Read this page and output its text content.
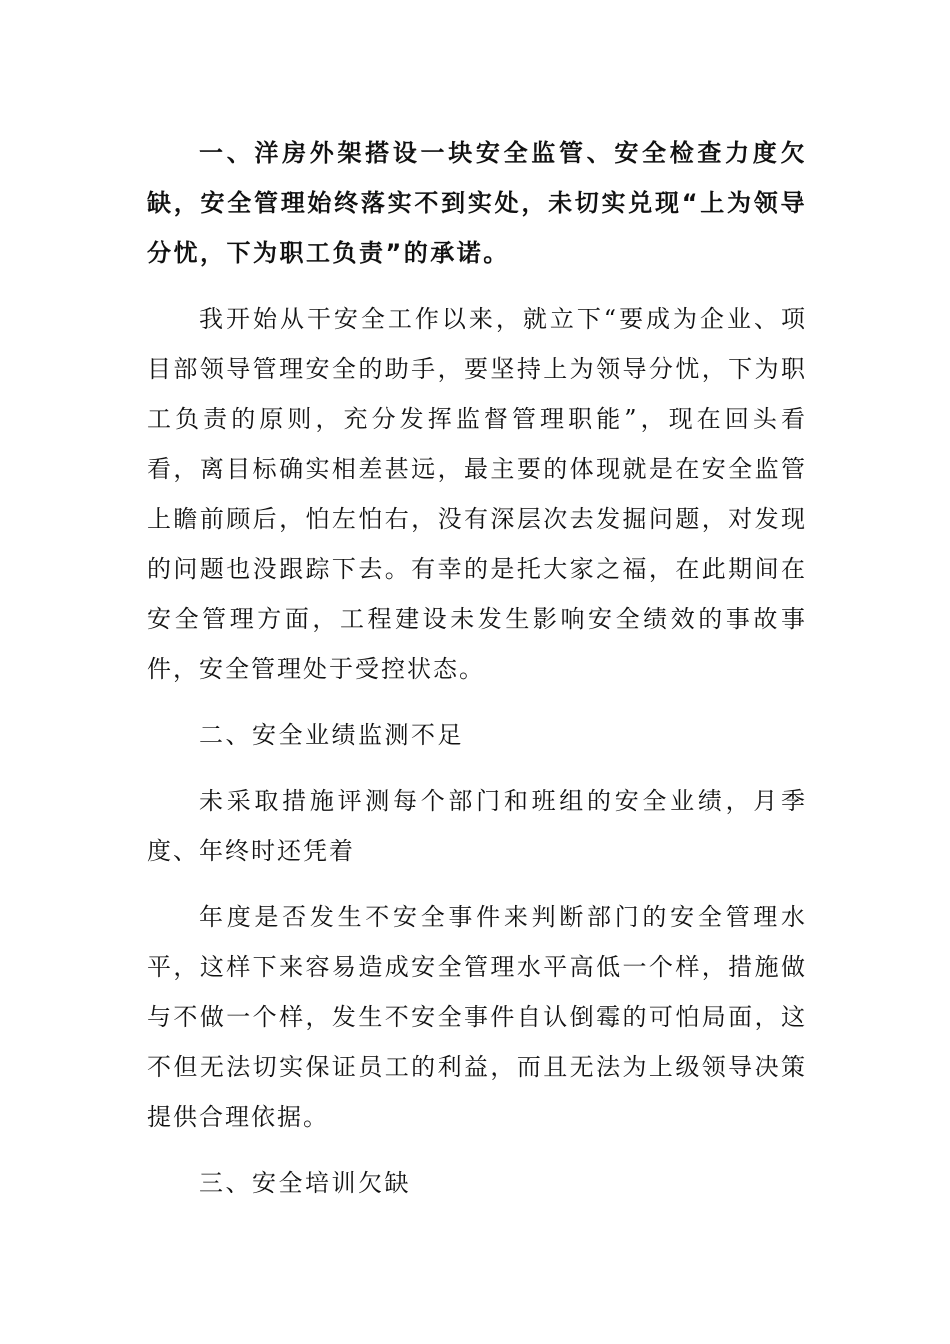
一、洋房外架搭设一块安全监管、安全检查力度欠缺，安全管理始终落实不到实处，未切实兑现“上为领导分忧，下为职工负责”的承诺。

我开始从干安全工作以来，就立下“要成为企业、项目部领导管理安全的助手，要坚持上为领导分忧，下为职工负责的原则，充分发挥监督管理职能”，现在回头看看，离目标确实相差甚远，最主要的体现就是在安全监管上瞻前顾后，怕左怕右，没有深层次去发掘问题，对发现的问题也没跟踪下去。有幸的是托大家之福，在此期间在安全管理方面，工程建设未发生影响安全绩效的事故事件，安全管理处于受控状态。

二、安全业绩监测不足

未采取措施评测每个部门和班组的安全业绩，月季度、年终时还凭着

年度是否发生不安全事件来判断部门的安全管理水平，这样下来容易造成安全管理水平高低一个样，措施做与不做一个样，发生不安全事件自认倒霉的可怕局面，这不但无法切实保证员工的利益，而且无法为上级领导决策提供合理依据。

三、安全培训欠缺
